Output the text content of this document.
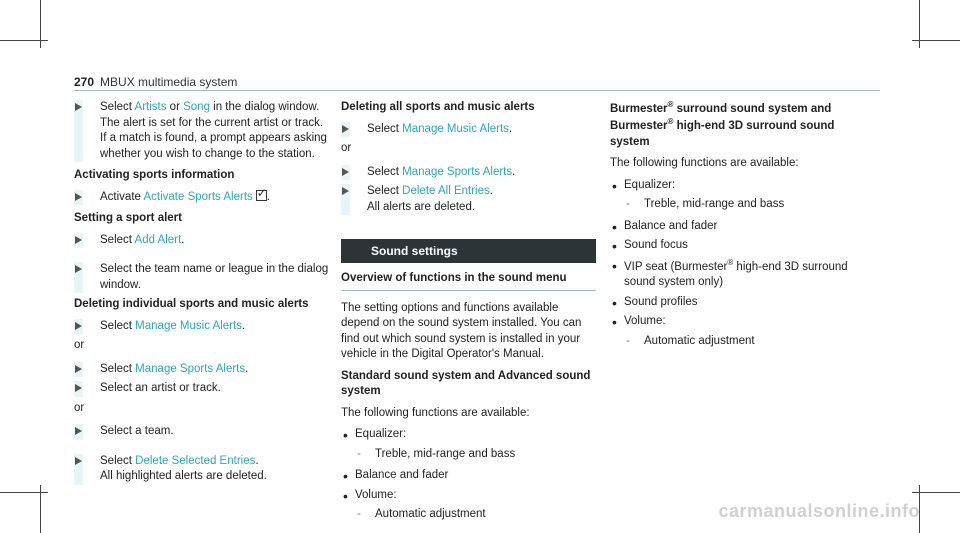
270 MBUX multimedia system
Select Artists or Song in the dialog window.
The alert is set for the current artist or track. If a match is found, a prompt appears asking whether you wish to change to the station.
Activating sports information
Activate Activate Sports Alerts✓ .
Setting a sport alert
Select Add Alert.
Select the team name or league in the dialog window.
Deleting individual sports and music alerts
Select Manage Music Alerts.
or
Select Manage Sports Alerts.
Select an artist or track.
or
Select a team.
Select Delete Selected Entries.
All highlighted alerts are deleted.
Deleting all sports and music alerts
Select Manage Music Alerts.
or
Select Manage Sports Alerts.
Select Delete All Entries.
All alerts are deleted.
Sound settings
Overview of functions in the sound menu

The setting options and functions available depend on the sound system installed. You can find out which sound system is installed in your vehicle in the Digital Operator's Manual.

Standard sound system and Advanced sound system

The following functions are available:

• Equalizer:
- Treble, mid-range and bass
• Balance and fader
• Volume:
- Automatic adjustment
Burmester® surround sound system and
Burmester® high-end 3D surround sound
system

The following functions are available:

• Equalizer:
- Treble, mid-range and bass
• Balance and fader
• Sound focus
• VIP seat (Burmester® high-end 3D surround sound system only)
• Sound profiles
• Volume:
- Automatic adjustment
carmanualsonline.info
